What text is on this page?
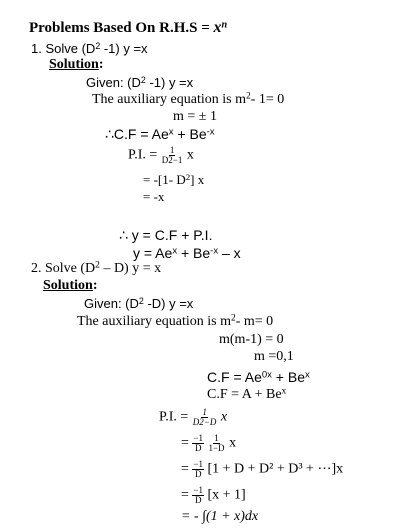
Problems Based On $R.H.S = x^n$
1. Solve ($D^2$ -1) y =x
Solution:
Given: ($D^2$ -1) y =x
The auxiliary equation is $m^2-$ 1= 0
m = ± 1
∴C.F = $Ae^x + Be^{-x}$
P.I. = $\frac{1}{D2-1}$ x
= -[1- $D^2$] x
= -x
∴ y = C.F + P.I.
$y = Ae^x + Be^{-x} - x$
2. Solve $(D^2 - D) y = x$
Solution:
Given: ($D^2$ -D) y =x
The auxiliary equation is $m^2-$ m= 0
m(m-1) = 0
m =0,1
$C.F = Ae^{0x} + Be^x$
$C.F = A + Be^x$
P.I. = $\frac{1}{D2-D}$ x
= $\frac{-1}{D}$
$\frac{1}{1-D}$ x
= $\frac{-1}{D} [1 + D + D^2 + D^3$ + ⋯]x
= $\frac{-1}{D} [x + 1]$
= - ∫(1 + x)dx
